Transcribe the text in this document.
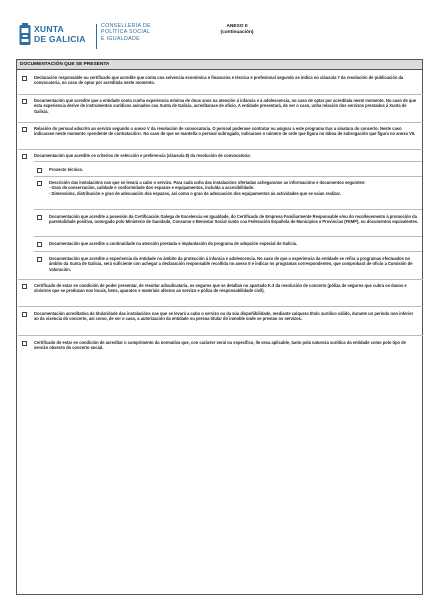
XUNTA
DE GALICIA
CONSELLERÍA DE
POLÍTICA SOCIAL
E IGUALDADE
ANEXO II
(continuación)
DOCUMENTACIÓN QUE SE PRESENTA
Declaración responsable ou certificado que acredite que conta coa solvencia económica e financeira e técnica e profesional segundo se indica no cláusula 7 da resolución de publicación da convocatoria, no caso de optar por acreditala neste momento.
Documentación que acredite que a entidade conta cunha experiencia mínima de dous anos na atención á infancia e á adolescencia, no caso de optar por acreditala neste momento. No caso de que esta experiencia derive de instrumentos xurídicos asinados coa Xunta de Galicia, acreditarase de oficio. A entidade presentará, de ser o caso, unha relación dos servizos prestados á Xunta de Galicia.
Relación do persoal adscrito ao servizo segundo o anexo V da resolución de convocatoria. O persoal poderase contratar ou asignar a este programa tras a sinatura do concerto. Neste caso indicarase neste momento «pendente de contratación». No caso de que se manteña o persoal subrogado, indicarase o número de orde que figura no táboa de subrogación que figura no anexo VII.
Documentación que acredite os criterios de selección e preferencia (cláusula 8) da resolución de convocatoria:
Proxecto técnico.
Descrición das instalacións nas que se levará a cabo o servizo. Para cada unha das instalacións ofertadas achegaranse as informacións e documentos seguintes:
- Grao de conservación, calidade e conformidade dos espazos e equipamentos, incluída a accesibilidade.
- Dimensións, distribución e grao de adecuación dos espazos, así como o grao de adecuación dos equipamentos ás actividades que se vaian realizar.
Documentación que acredite a posesión da Certificación Galega de Excelencia en Igualdade, do Certificado de Empresa Familiarmente Responsable e/ou do recoñecemento á promoción da parentalidade positiva, outorgado polo Ministerio de Sanidade, Consumo e Benestar Social xunto coa Federación Española de Municipios e Provincias (FEMP), ou documentos equivalentes.
Documentación que acredite a continuidade na atención prestada e implantación do programa de adopción especial de Galicia.
Documentación que acredite a experiencia da entidade no ámbito da protección á infancia e adolescencia. No caso de que a experiencia da entidade se refira a programas efectuados no ámbito da Xunta de Galicia, será suficiente con achegar a declaración responsable recollida no anexo II e indicar os programas correspondentes, que comprobará de oficio a Comisión de Valoración.
Certificado de estar en condición de poder presentar, de resultar adxudicataria, os seguros que se detallan no apartado K.3 da resolución de concerto (póliza de seguros que cubra os danos e sinistros que se produzan nos locais, bens, aparatos e materiais afectos ao servizo e póliza de responsabilidade civil).
Documentación acreditativa da titularidade das instalacións nas que se levará a cabo o servizo ou da súa dispoñibilidade, mediante calquera título xurídico válido, durante un período non inferior ao da vixencia do concerto, así como, de ser o caso, a autorización da entidade ou persoa titular do inmoble onde se prestan os servizos.
Certificado de estar en condición de acreditar o cumprimento da normativa que, con carácter xeral ou específico, lle sexa aplicable, tanto pola natureza xurídica da entidade como polo tipo de servizo obxecto do concerto social.
